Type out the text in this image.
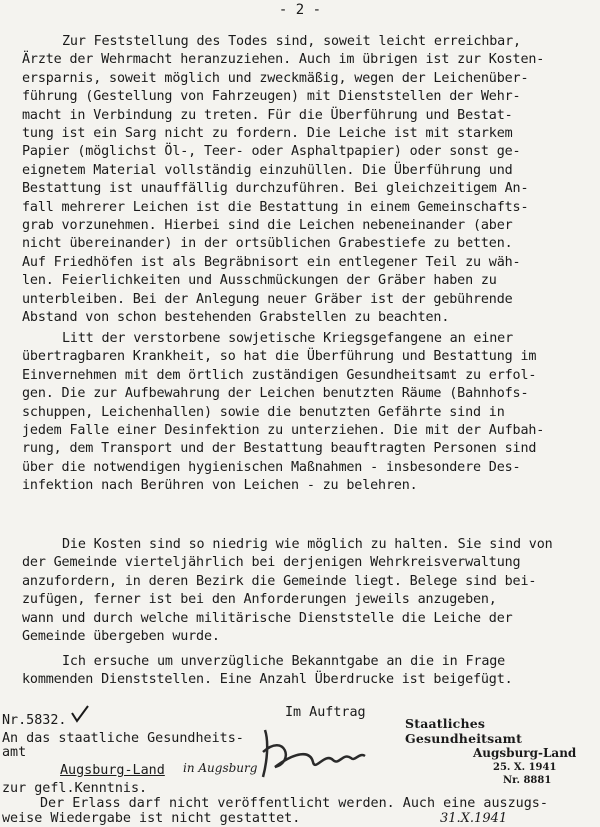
- 2 -
Zur Feststellung des Todes sind, soweit leicht erreichbar,
Ärzte der Wehrmacht heranzuziehen. Auch im übrigen ist zur Kosten-
ersparnis, soweit möglich und zweckmäßig, wegen der Leichenüber-
führung (Gestellung von Fahrzeugen) mit Dienststellen der Wehr-
macht in Verbindung zu treten. Für die Überführung und Bestat-
tung ist ein Sarg nicht zu fordern. Die Leiche ist mit starkem
Papier (möglichst Öl-, Teer- oder Asphaltpapier) oder sonst ge-
eignetem Material vollständig einzuhüllen. Die Überführung und
Bestattung ist unauffällig durchzuführen. Bei gleichzeitigem An-
fall mehrerer Leichen ist die Bestattung in einem Gemeinschafts-
grab vorzunehmen. Hierbei sind die Leichen nebeneinander (aber
nicht übereinander) in der ortsüblichen Grabestiefe zu betten.
Auf Friedhöfen ist als Begräbnisort ein entlegener Teil zu wäh-
len. Feierlichkeiten und Ausschmückungen der Gräber haben zu
unterbleiben. Bei der Anlegung neuer Gräber ist der gebührende
Abstand von schon bestehenden Grabstellen zu beachten.
Litt der verstorbene sowjetische Kriegsgefangene an einer
übertragbaren Krankheit, so hat die Überführung und Bestattung im
Einvernehmen mit dem örtlich zuständigen Gesundheitsamt zu erfol-
gen. Die zur Aufbewahrung der Leichen benutzten Räume (Bahnhofs-
schuppen, Leichenhallen) sowie die benutzten Gefährte sind in
jedem Falle einer Desinfektion zu unterziehen. Die mit der Aufbah-
rung, dem Transport und der Bestattung beauftragten Personen sind
über die notwendigen hygienischen Maßnahmen - insbesondere Des-
infektion nach Berühren von Leichen - zu belehren.
Die Kosten sind so niedrig wie möglich zu halten. Sie sind von
der Gemeinde vierteljährlich bei derjenigen Wehrkreisverwaltung
anzufordern, in deren Bezirk die Gemeinde liegt. Belege sind bei-
zufügen, ferner ist bei den Anforderungen jeweils anzugeben,
wann und durch welche militärische Dienststelle die Leiche der
Gemeinde übergeben wurde.
Ich ersuche um unverzügliche Bekanntgabe an die in Frage
kommenden Dienststellen. Eine Anzahl Überdrucke ist beigefügt.
Im Auftrag
Nr.5832.
An das staatliche Gesundheits-
amt
Augsburg-Land in Augsburg
zur gefl.Kenntnis.
Der Erlass darf nicht veröffentlicht werden. Auch eine auszugs-
weise Wiedergabe ist nicht gestattet.	31.X.1941
Staatliches Gesundheitsamt
Augsburg-Land
25. X. 1941
Nr. 8881
